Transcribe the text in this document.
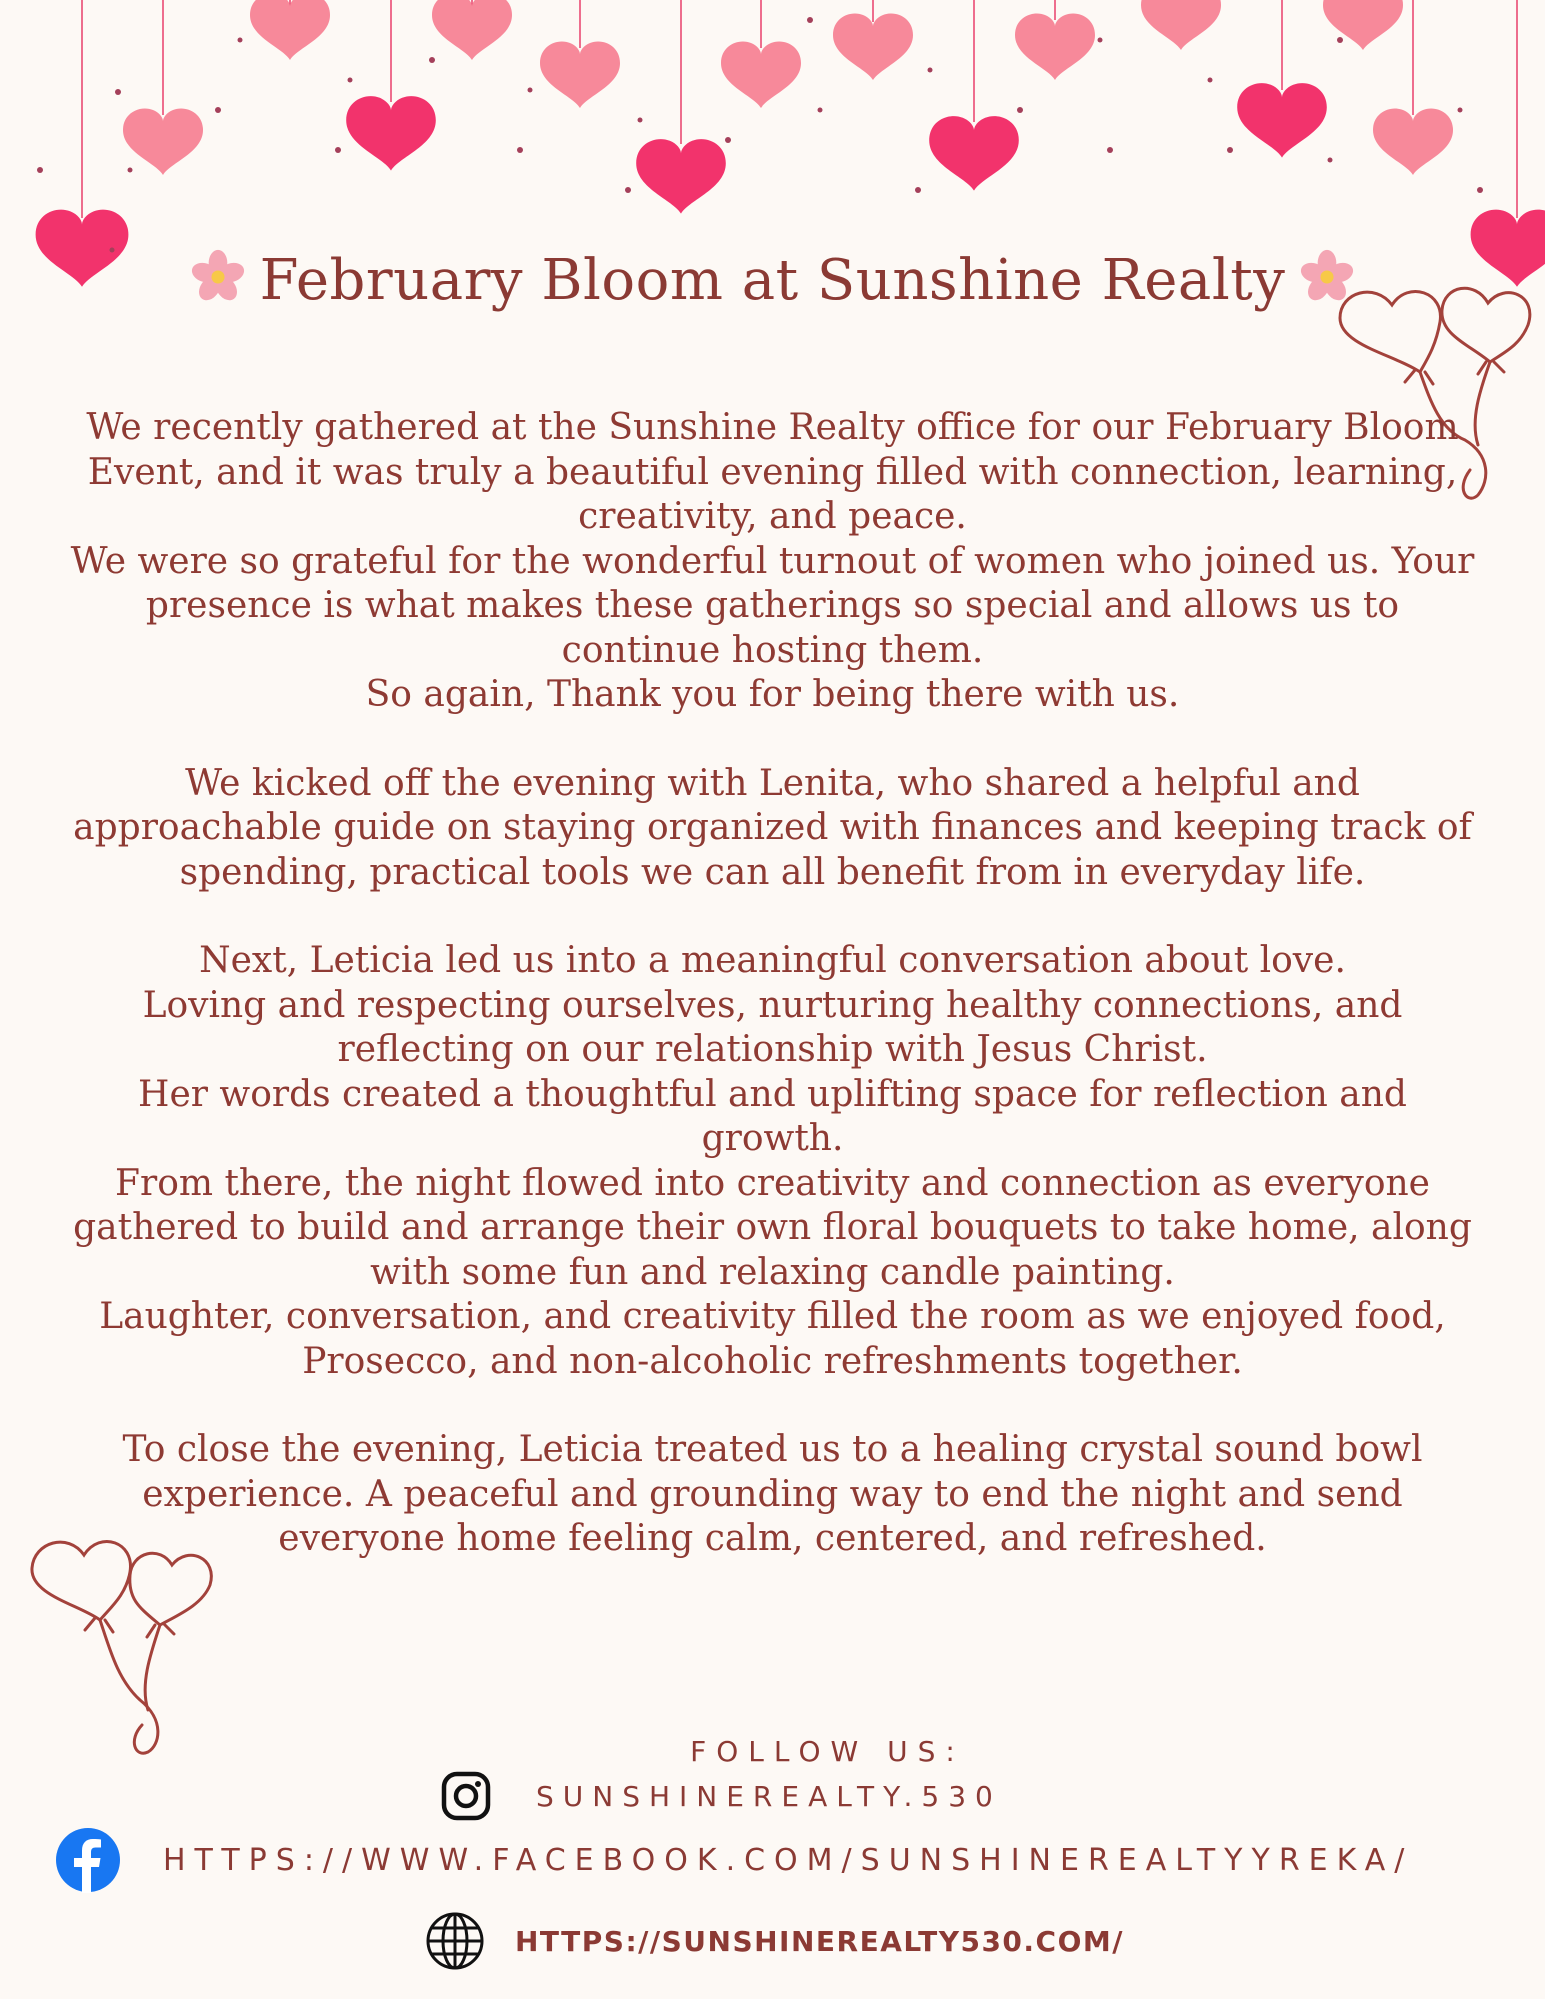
February Bloom at Sunshine Realty

We recently gathered at the Sunshine Realty office for our February Bloom Event, and it was truly a beautiful evening filled with connection, learning, creativity, and peace.

We were so grateful for the wonderful turnout of women who joined us. Your presence is what makes these gatherings so special and allows us to continue hosting them.

So again, Thank you for being there with us.

We kicked off the evening with Lenita, who shared a helpful and approachable guide on staying organized with finances and keeping track of spending, practical tools we can all benefit from in everyday life.

Next, Leticia led us into a meaningful conversation about love.

Loving and respecting ourselves, nurturing healthy connections, and reflecting on our relationship with Jesus Christ.

Her words created a thoughtful and uplifting space for reflection and growth.

From there, the night flowed into creativity and connection as everyone gathered to build and arrange their own floral bouquets to take home, along with some fun and relaxing candle painting.

Laughter, conversation, and creativity filled the room as we enjoyed food, Prosecco, and non-alcoholic refreshments together.

To close the evening, Leticia treated us to a healing crystal sound bowl experience. A peaceful and grounding way to end the night and send everyone home feeling calm, centered, and refreshed.

FOLLOW US:
SUNSHINEREALTY.530
HTTPS://WWW.FACEBOOK.COM/SUNSHINEREALTYYREKA/
HTTPS://SUNSHINEREALTY530.COM/
